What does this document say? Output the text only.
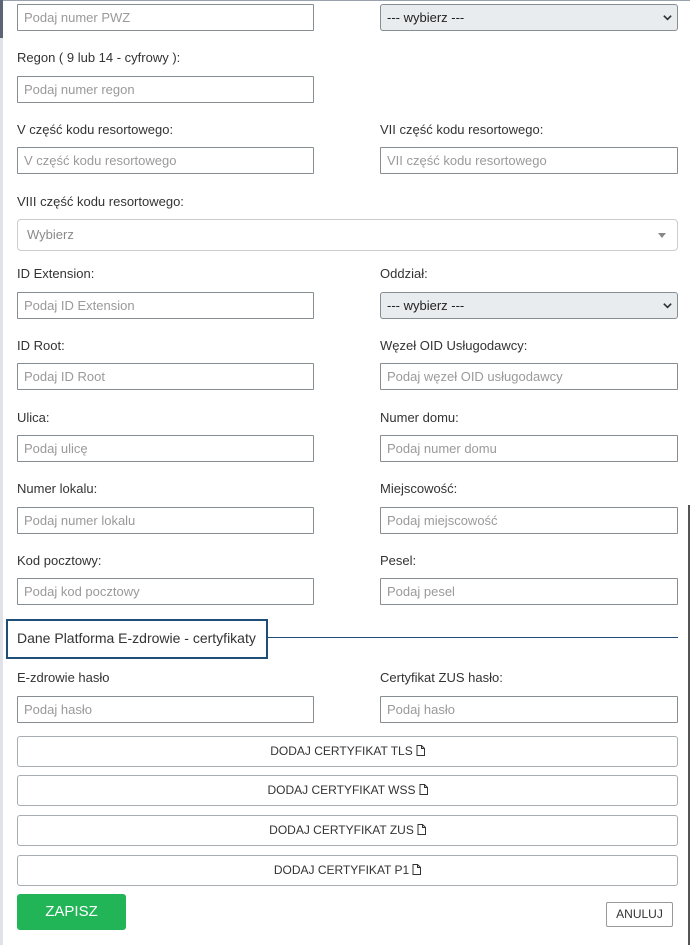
Podaj numer PWZ
--- wybierz ---
Regon ( 9 lub 14 - cyfrowy ):
Podaj numer regon
V część kodu resortowego:	VII część kodu resortowego:
V część kodu resortowego
VII część kodu resortowego
VIII część kodu resortowego:
Wybierz
ID Extension:	Oddział:
Podaj ID Extension
--- wybierz ---
ID Root:	Węzeł OID Usługodawcy:
Podaj ID Root
Podaj węzeł OID usługodawcy
Ulica:	Numer domu:
Podaj ulicę
Podaj numer domu
Numer lokalu:	Miejscowość:
Podaj numer lokalu
Podaj miejscowość
Kod pocztowy:	Pesel:
Podaj kod pocztowy
Podaj pesel
Dane Platforma E-zdrowie - certyfikaty
E-zdrowie hasło	Certyfikat ZUS hasło:
DODAJ CERTYFIKAT TLS
DODAJ CERTYFIKAT WSS
DODAJ CERTYFIKAT ZUS
DODAJ CERTYFIKAT P1
ZAPISZ	ANULUJ
